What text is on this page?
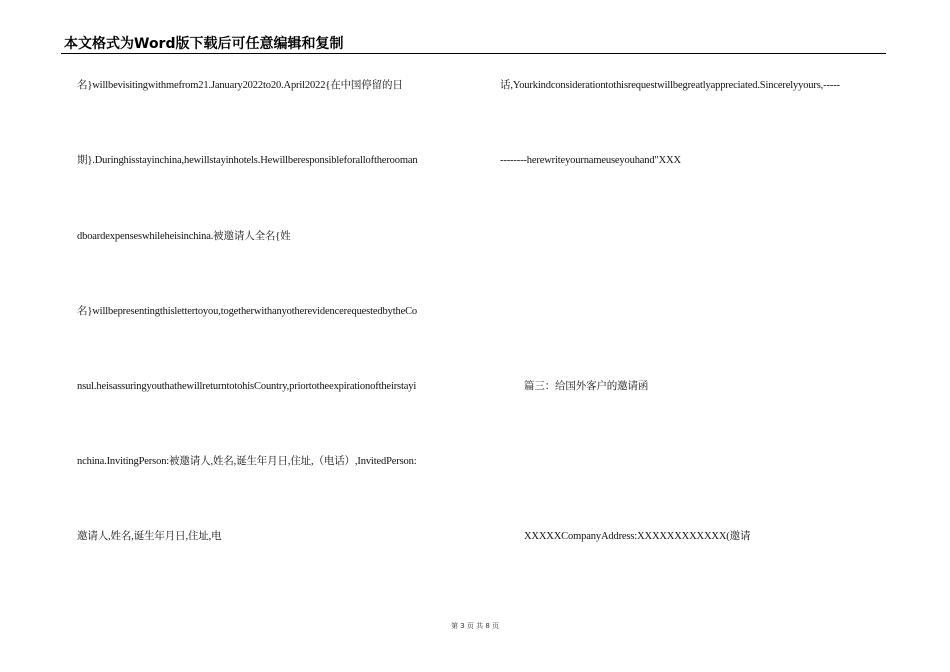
本文格式为Word版下载后可任意编辑和复制
名}willbevisitingwithmefrom21.January2022to20.April2022{在中国停留的日
期}.Duringhisstayinchina,hewillstayinhotels.Hewillberesponsibleforalloftherooman
dboardexpenseswhileheisinchina.被邀请人全名{姓
名}willbepresentingthislettertoyou,togetherwithanyotherevidencerequestedbytheCo
nsul.heisassuringyouthathewillreturntotohisCountry,priortotheexpirationoftheirstayi
nchina.InvitingPerson:被邀请人,姓名,诞生年月日,住址,（电话）,InvitedPerson:
邀请人,姓名,诞生年月日,住址,电
话,Yourkindconsiderationtothisrequestwillbegreatlyappreciated.Sincerelyyours,-----
--------herewriteyournameuseyouhand"XXX
篇三：给国外客户的邀请函
XXXXXCompanyAddress:XXXXXXXXXXXX(邀请
第 3 页 共 8 页
